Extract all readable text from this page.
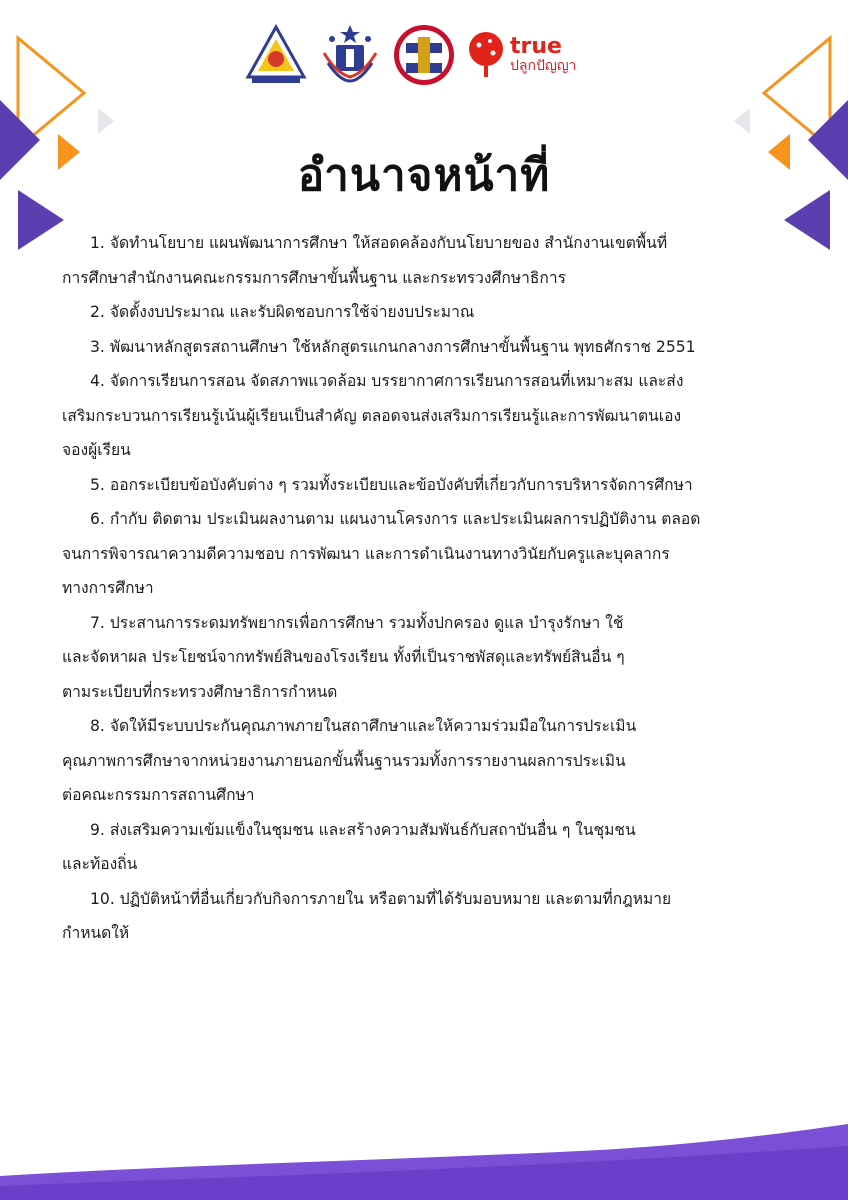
true
ปลูกปัญญา
อำนาจหน้าที่

1. จัดทำนโยบาย แผนพัฒนาการศึกษา ให้สอดคล้องกับนโยบายของ สำนักงานเขตพื้นที่
การศึกษาสำนักงานคณะกรรมการศึกษาขั้นพื้นฐาน และกระทรวงศึกษาธิการ

2. จัดตั้งงบประมาณ และรับผิดชอบการใช้จ่ายงบประมาณ

3. พัฒนาหลักสูตรสถานศึกษา ใช้หลักสูตรแกนกลางการศึกษาขั้นพื้นฐาน พุทธศักราช 2551

4. จัดการเรียนการสอน จัดสภาพแวดล้อม บรรยากาศการเรียนการสอนที่เหมาะสม และส่ง
เสริมกระบวนการเรียนรู้เน้นผู้เรียนเป็นสำคัญ ตลอดจนส่งเสริมการเรียนรู้และการพัฒนาตนเอง
จองผู้เรียน

5. ออกระเบียบข้อบังคับต่าง ๆ รวมทั้งระเบียบและข้อบังคับที่เกี่ยวกับการบริหารจัดการศึกษา

6. กำกับ ติดตาม ประเมินผลงานตาม แผนงานโครงการ และประเมินผลการปฏิบัติงาน ตลอด
จนการพิจารณาความดีความชอบ การพัฒนา และการดำเนินงานทางวินัยกับครูและบุคลากร
ทางการศึกษา

7. ประสานการระดมทรัพยากรเพื่อการศึกษา รวมทั้งปกครอง ดูแล บำรุงรักษา ใช้
และจัดหาผล ประโยชน์จากทรัพย์สินของโรงเรียน ทั้งที่เป็นราชพัสดุและทรัพย์สินอื่น ๆ
ตามระเบียบที่กระทรวงศึกษาธิการกำหนด

8. จัดให้มีระบบประกันคุณภาพภายในสถาศึกษาและให้ความร่วมมือในการประเมิน
คุณภาพการศึกษาจากหน่วยงานภายนอกขั้นพื้นฐานรวมทั้งการรายงานผลการประเมิน
ต่อคณะกรรมการสถานศึกษา

9. ส่งเสริมความเข้มแข็งในชุมชน และสร้างความสัมพันธ์กับสถาบันอื่น ๆ ในชุมชน
และท้องถิ่น

10. ปฏิบัติหน้าที่อื่นเกี่ยวกับกิจการภายใน หรือตามที่ได้รับมอบหมาย และตามที่กฎหมาย
กำหนดให้
